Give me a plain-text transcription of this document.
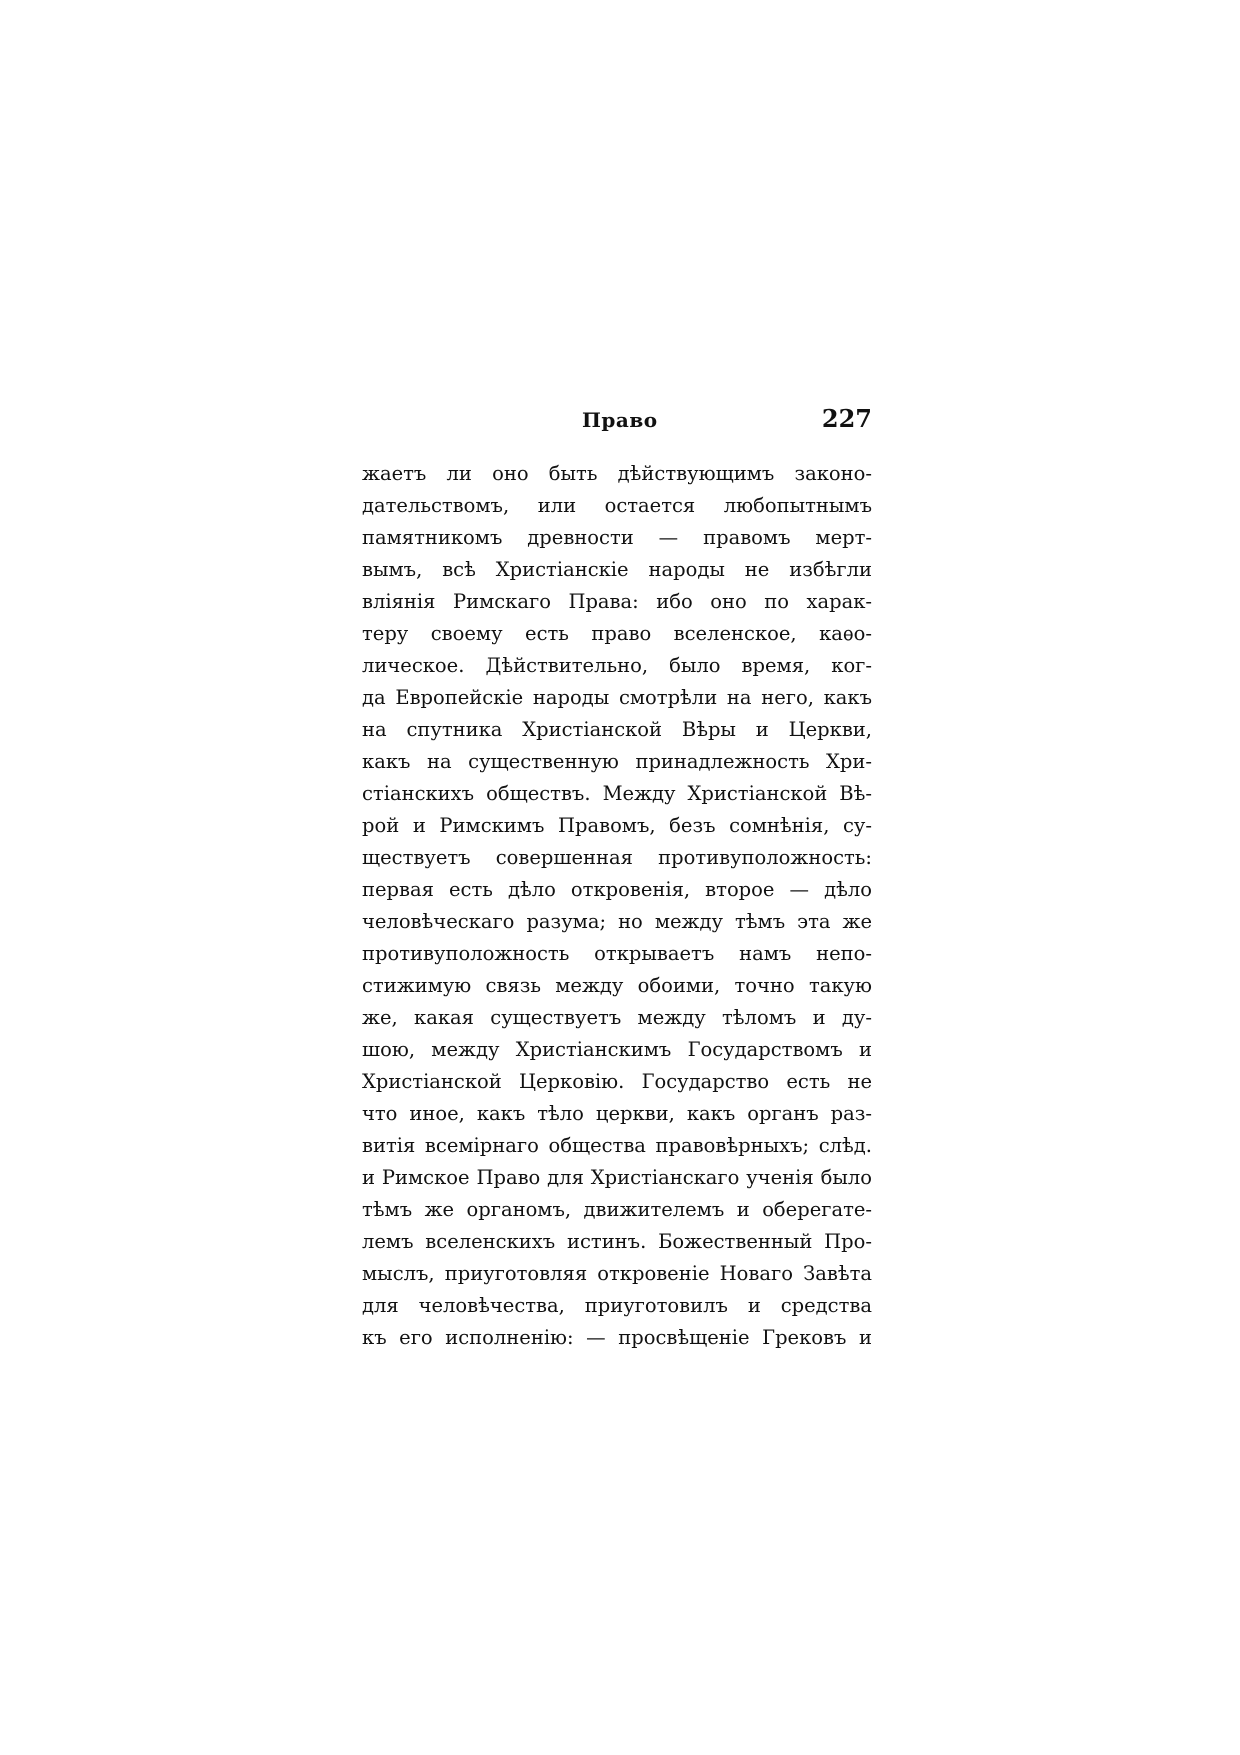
Право	227
жаетъ ли оно быть дѣйствующимъ законо-
дательствомъ, или остается любопытнымъ
памятникомъ древности — правомъ мерт-
вымъ, всѣ Христіанскіе народы не избѣгли
вліянія Римскаго Права: ибо оно по харак-
теру своему есть право вселенское, каѳо-
лическое. Дѣйствительно, было время, ког-
да Европейскіе народы смотрѣли на него, какъ
на спутника Христіанской Вѣры и Церкви,
какъ на существенную принадлежность Хри-
стіанскихъ обществъ. Между Христіанской Вѣ-
рой и Римскимъ Правомъ, безъ сомнѣнія, су-
ществуетъ совершенная противуположность:
первая есть дѣло откровенія, второе — дѣло
человѣческаго разума; но между тѣмъ эта же
противуположность открываетъ намъ непо-
стижимую связь между обоими, точно такую
же, какая существуетъ между тѣломъ и ду-
шою, между Христіанскимъ Государствомъ и
Христіанской Церковію. Государство есть не
что иное, какъ тѣло церкви, какъ органъ раз-
витія всемірнаго общества правовѣрныхъ; слѣд.
и Римское Право для Христіанскаго ученія было
тѣмъ же органомъ, движителемъ и оберегате-
лемъ вселенскихъ истинъ. Божественный Про-
мыслъ, приуготовляя откровеніе Новаго Завѣта
для человѣчества, приуготовилъ и средства
къ его исполненію: — просвѣщеніе Грековъ и
